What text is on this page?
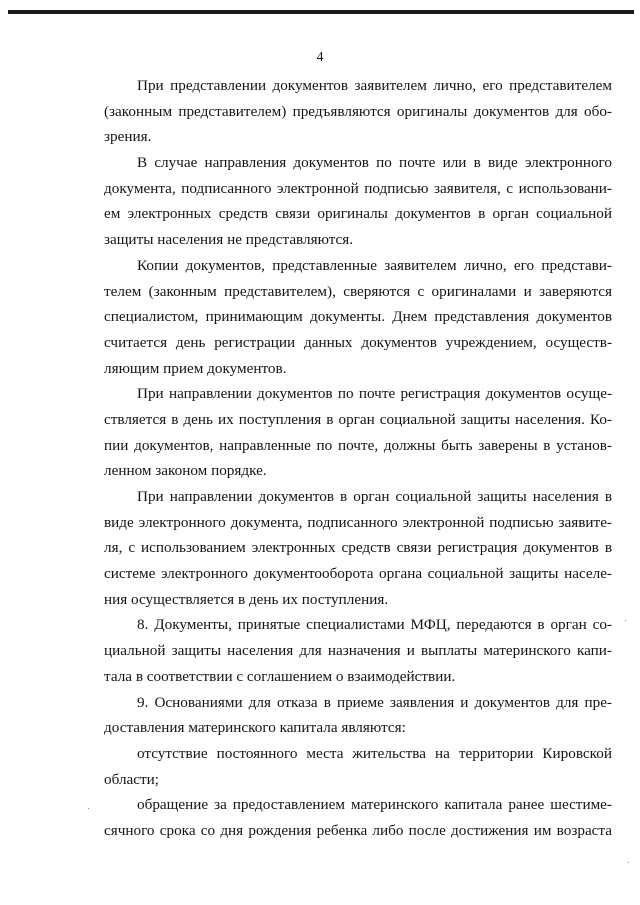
4
При представлении документов заявителем лично, его представителем
(законным представителем) предъявляются оригиналы документов для обо-
зрения.
В случае направления документов по почте или в виде электронного
документа, подписанного электронной подписью заявителя, с использовани-
ем электронных средств связи оригиналы документов в орган социальной
защиты населения не представляются.
Копии документов, представленные заявителем лично, его представи-
телем (законным представителем), сверяются с оригиналами и заверяются
специалистом, принимающим документы. Днем представления документов
считается день регистрации данных документов учреждением, осуществ-
ляющим прием документов.
При направлении документов по почте регистрация документов осуще-
ствляется в день их поступления в орган социальной защиты населения. Ко-
пии документов, направленные по почте, должны быть заверены в установ-
ленном законом порядке.
При направлении документов в орган социальной защиты населения в
виде электронного документа, подписанного электронной подписью заявите-
ля, с использованием электронных средств связи регистрация документов в
системе электронного документооборота органа социальной защиты населе-
ния осуществляется в день их поступления.
8. Документы, принятые специалистами МФЦ, передаются в орган со-
циальной защиты населения для назначения и выплаты материнского капи-
тала в соответствии с соглашением о взаимодействии.
9. Основаниями для отказа в приеме заявления и документов для пре-
доставления материнского капитала являются:
отсутствие постоянного места жительства на территории Кировской
области;
обращение за предоставлением материнского капитала ранее шестиме-
сячного срока со дня рождения ребенка либо после достижения им возраста
